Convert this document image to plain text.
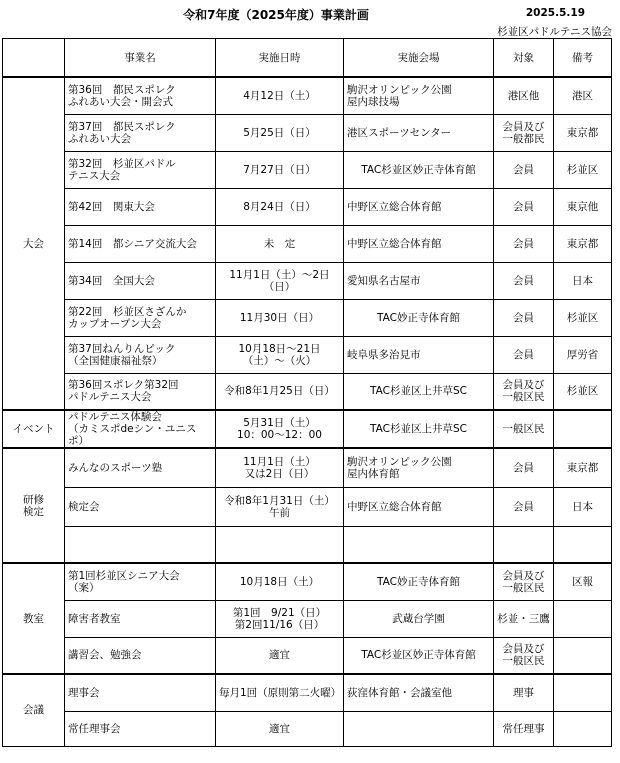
令和7年度（2025年度）事業計画	2025.5.19
杉並区パドルテニス協会
	事業名	実施日時	実施会場	対象	備考
大会	第36回　都民スポレク
ふれあい大会・開会式	4月12日（土）	駒沢オリンピック公園
屋内球技場	港区他	港区
	第37回　都民スポレク
ふれあい大会	5月25日（日）	港区スポーツセンター	会員及び
一般都民	東京都
	第32回　杉並区パドル
テニス大会	7月27日（日）	TAC杉並区妙正寺体育館	会員	杉並区
	第42回　関東大会	8月24日（日）	中野区立総合体育館	会員	東京他
	第14回　都シニア交流大会	未　定	中野区立総合体育館	会員	東京都
	第34回　全国大会	11月1日（土）～2日（日）	愛知県名古屋市	会員	日本
	第22回　杉並区さざんか
カップオープン大会	11月30日（日）	TAC妙正寺体育館	会員	杉並区
	第37回ねんりんピック
（全国健康福祉祭）	10月18日～21日
（土）～（火）	岐阜県多治見市	会員	厚労省
	第36回スポレク第32回
パドルテニス大会	令和8年1月25日（日）	TAC杉並区上井草SC	会員及び
一般区民	杉並区
イベント	パドルテニス体験会
（カミスポdeシン・ユニスポ）	5月31日（土）
10：00～12：00	TAC杉並区上井草SC	一般区民	
研修
検定	みんなのスポーツ塾	11月1日（土）
又は2日（日）	駒沢オリンピック公園
屋内体育館	会員	東京都
	検定会	令和8年1月31日（土）
午前	中野区立総合体育館	会員	日本

教室	第1回杉並区シニア大会
（案）	10月18日（土）	TAC妙正寺体育館	会員及び
一般区民	区報
	障害者教室	第1回　9/21（日）
第2回11/16（日）	武蔵台学園	杉並・三鷹	
	講習会、勉強会	適宜	TAC杉並区妙正寺体育館	会員及び
一般区民	
会議	理事会	毎月1回（原則第二火曜）	荻窪体育館・会議室他	理事	
	常任理事会	適宜		常任理事	
